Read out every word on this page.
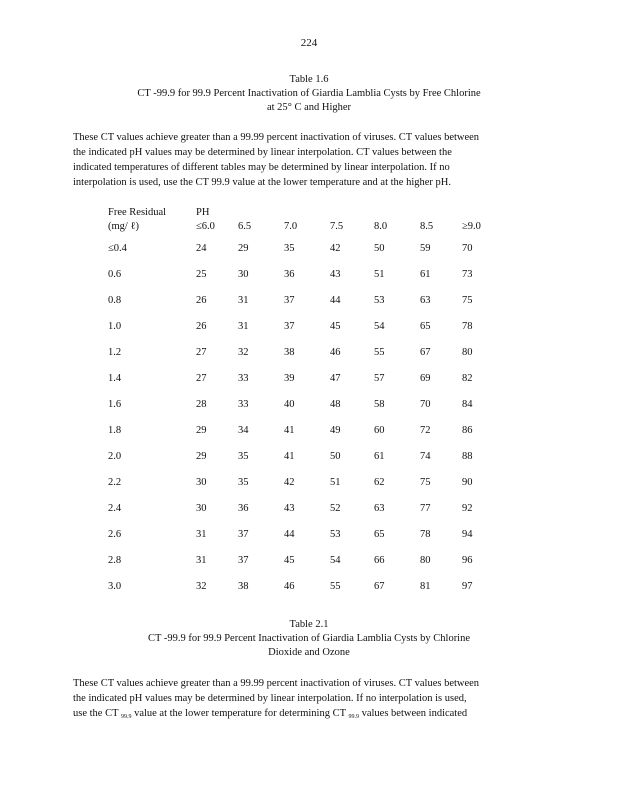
224
Table 1.6
CT -99.9 for 99.9 Percent Inactivation of Giardia Lamblia Cysts by Free Chlorine
at 25° C and Higher
These CT values achieve greater than a 99.99 percent inactivation of viruses. CT values between
the indicated pH values may be determined by linear interpolation. CT values between the
indicated temperatures of different tables may be determined by linear interpolation. If no
interpolation is used, use the CT 99.9 value at the lower temperature and at the higher pH.
Free Residual	PH						
(mg/ ℓ)	≤6.0	6.5	7.0	7.5	8.0	8.5	≥9.0
≤0.4	24	29	35	42	50	59	70
0.6	25	30	36	43	51	61	73
0.8	26	31	37	44	53	63	75
1.0	26	31	37	45	54	65	78
1.2	27	32	38	46	55	67	80
1.4	27	33	39	47	57	69	82
1.6	28	33	40	48	58	70	84
1.8	29	34	41	49	60	72	86
2.0	29	35	41	50	61	74	88
2.2	30	35	42	51	62	75	90
2.4	30	36	43	52	63	77	92
2.6	31	37	44	53	65	78	94
2.8	31	37	45	54	66	80	96
3.0	32	38	46	55	67	81	97
Table 2.1
CT -99.9 for 99.9 Percent Inactivation of Giardia Lamblia Cysts by Chlorine
Dioxide and Ozone
These CT values achieve greater than a 99.99 percent inactivation of viruses. CT values between
the indicated pH values may be determined by linear interpolation. If no interpolation is used,
use the CT $_{99.9}$ value at the lower temperature for determining CT $_{99.9}$ values between indicated
